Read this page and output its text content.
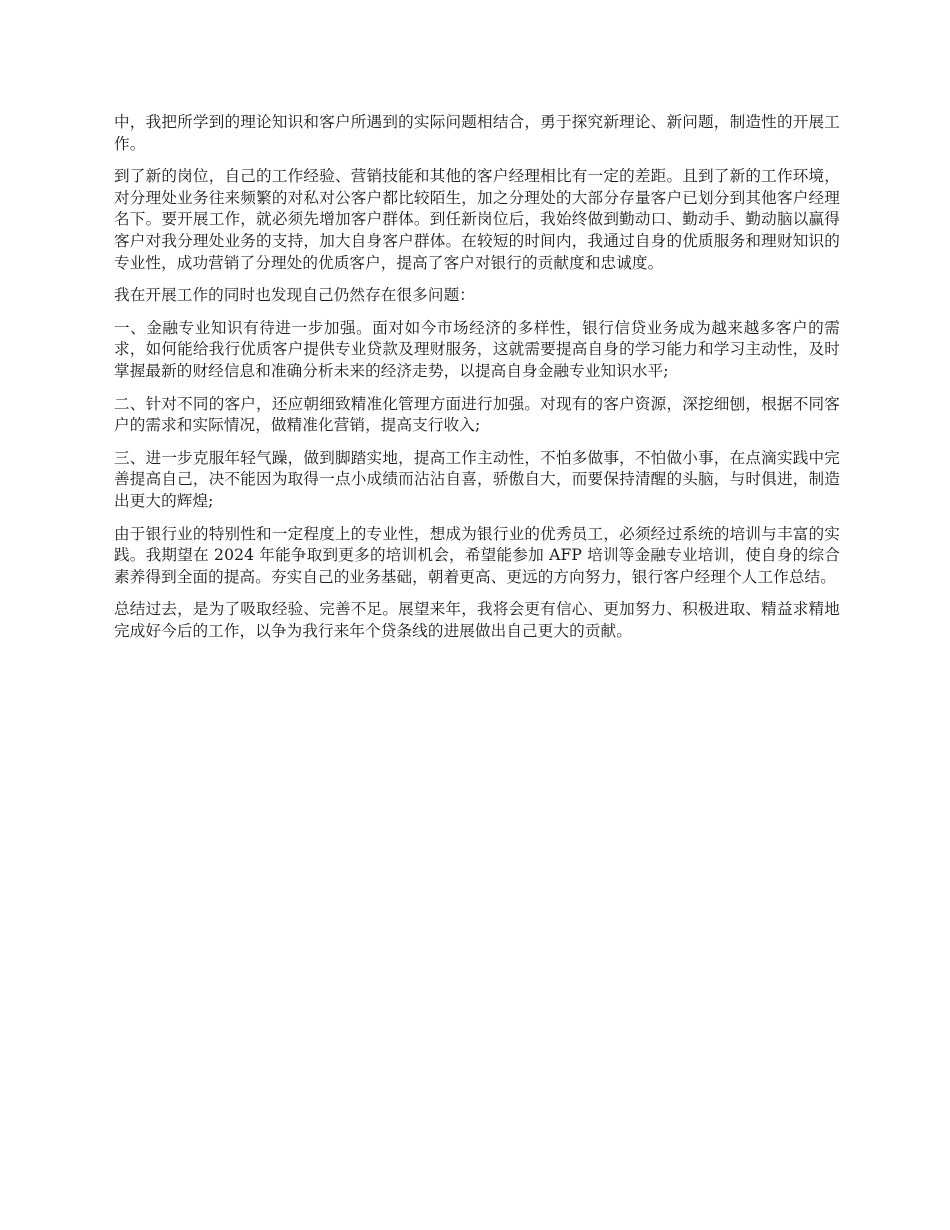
中，我把所学到的理论知识和客户所遇到的实际问题相结合，勇于探究新理论、新问题，制造性的开展工作。

到了新的岗位，自己的工作经验、营销技能和其他的客户经理相比有一定的差距。且到了新的工作环境，对分理处业务往来频繁的对私对公客户都比较陌生，加之分理处的大部分存量客户已划分到其他客户经理名下。要开展工作，就必须先增加客户群体。到任新岗位后，我始终做到勤动口、勤动手、勤动脑以赢得客户对我分理处业务的支持，加大自身客户群体。在较短的时间内，我通过自身的优质服务和理财知识的专业性，成功营销了分理处的优质客户，提高了客户对银行的贡献度和忠诚度。

我在开展工作的同时也发现自己仍然存在很多问题：

一、金融专业知识有待进一步加强。面对如今市场经济的多样性，银行信贷业务成为越来越多客户的需求，如何能给我行优质客户提供专业贷款及理财服务，这就需要提高自身的学习能力和学习主动性，及时掌握最新的财经信息和准确分析未来的经济走势，以提高自身金融专业知识水平;

二、针对不同的客户，还应朝细致精准化管理方面进行加强。对现有的客户资源，深挖细刨，根据不同客户的需求和实际情况，做精准化营销，提高支行收入;

三、进一步克服年轻气躁，做到脚踏实地，提高工作主动性，不怕多做事，不怕做小事，在点滴实践中完善提高自己，决不能因为取得一点小成绩而沾沾自喜，骄傲自大，而要保持清醒的头脑，与时俱进，制造出更大的辉煌;

由于银行业的特别性和一定程度上的专业性，想成为银行业的优秀员工，必须经过系统的培训与丰富的实践。我期望在 2024 年能争取到更多的培训机会，希望能参加 AFP 培训等金融专业培训，使自身的综合素养得到全面的提高。夯实自己的业务基础，朝着更高、更远的方向努力，银行客户经理个人工作总结。

总结过去，是为了吸取经验、完善不足。展望来年，我将会更有信心、更加努力、积极进取、精益求精地完成好今后的工作，以争为我行来年个贷条线的进展做出自己更大的贡献。
